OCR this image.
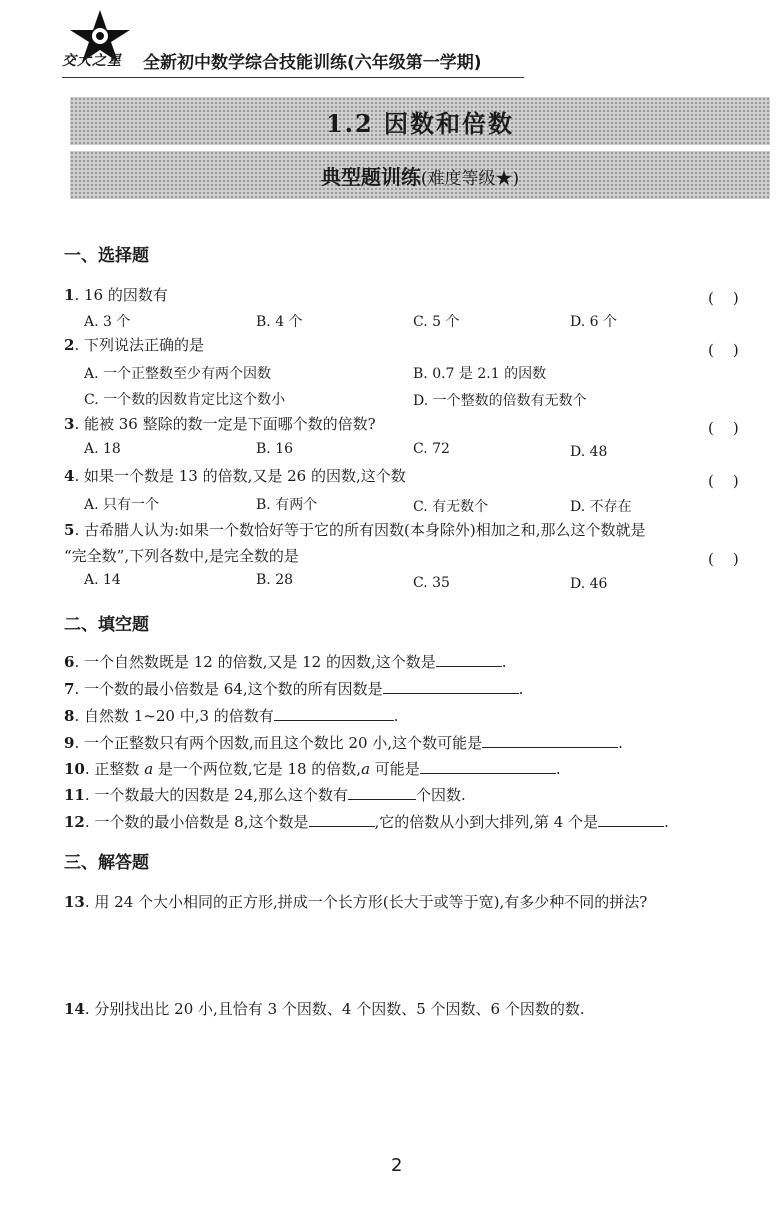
交大之星 全新初中数学综合技能训练(六年级第一学期)
1.2 因数和倍数
典型题训练(难度等级★)
一、选择题
1. 16 的因数有	(    )
A. 3 个	B. 4 个	C. 5 个	D. 6 个
2. 下列说法正确的是	(    )
A. 一个正整数至少有两个因数	B. 0.7 是 2.1 的因数
C. 一个数的因数肯定比这个数小	D. 一个整数的倍数有无数个
3. 能被 36 整除的数一定是下面哪个数的倍数?	(    )
A. 18	B. 16	C. 72	D. 48
4. 如果一个数是 13 的倍数,又是 26 的因数,这个数	(    )
A. 只有一个	B. 有两个	C. 有无数个	D. 不存在
5. 古希腊人认为:如果一个数恰好等于它的所有因数(本身除外)相加之和,那么这个数就是
“完全数”,下列各数中,是完全数的是	(    )
A. 14	B. 28	C. 35	D. 46
二、填空题
6. 一个自然数既是 12 的倍数,又是 12 的因数,这个数是	.
7. 一个数的最小倍数是 64,这个数的所有因数是	.
8. 自然数 1~20 中,3 的倍数有	.
9. 一个正整数只有两个因数,而且这个数比 20 小,这个数可能是	.
10. 正整数 a 是一个两位数,它是 18 的倍数,a 可能是	.
11. 一个数最大的因数是 24,那么这个数有	个因数.
12. 一个数的最小倍数是 8,这个数是	,它的倍数从小到大排列,第 4 个是	.
三、解答题
13. 用 24 个大小相同的正方形,拼成一个长方形(长大于或等于宽),有多少种不同的拼法?
14. 分别找出比 20 小,且恰有 3 个因数、4 个因数、5 个因数、6 个因数的数.
2
